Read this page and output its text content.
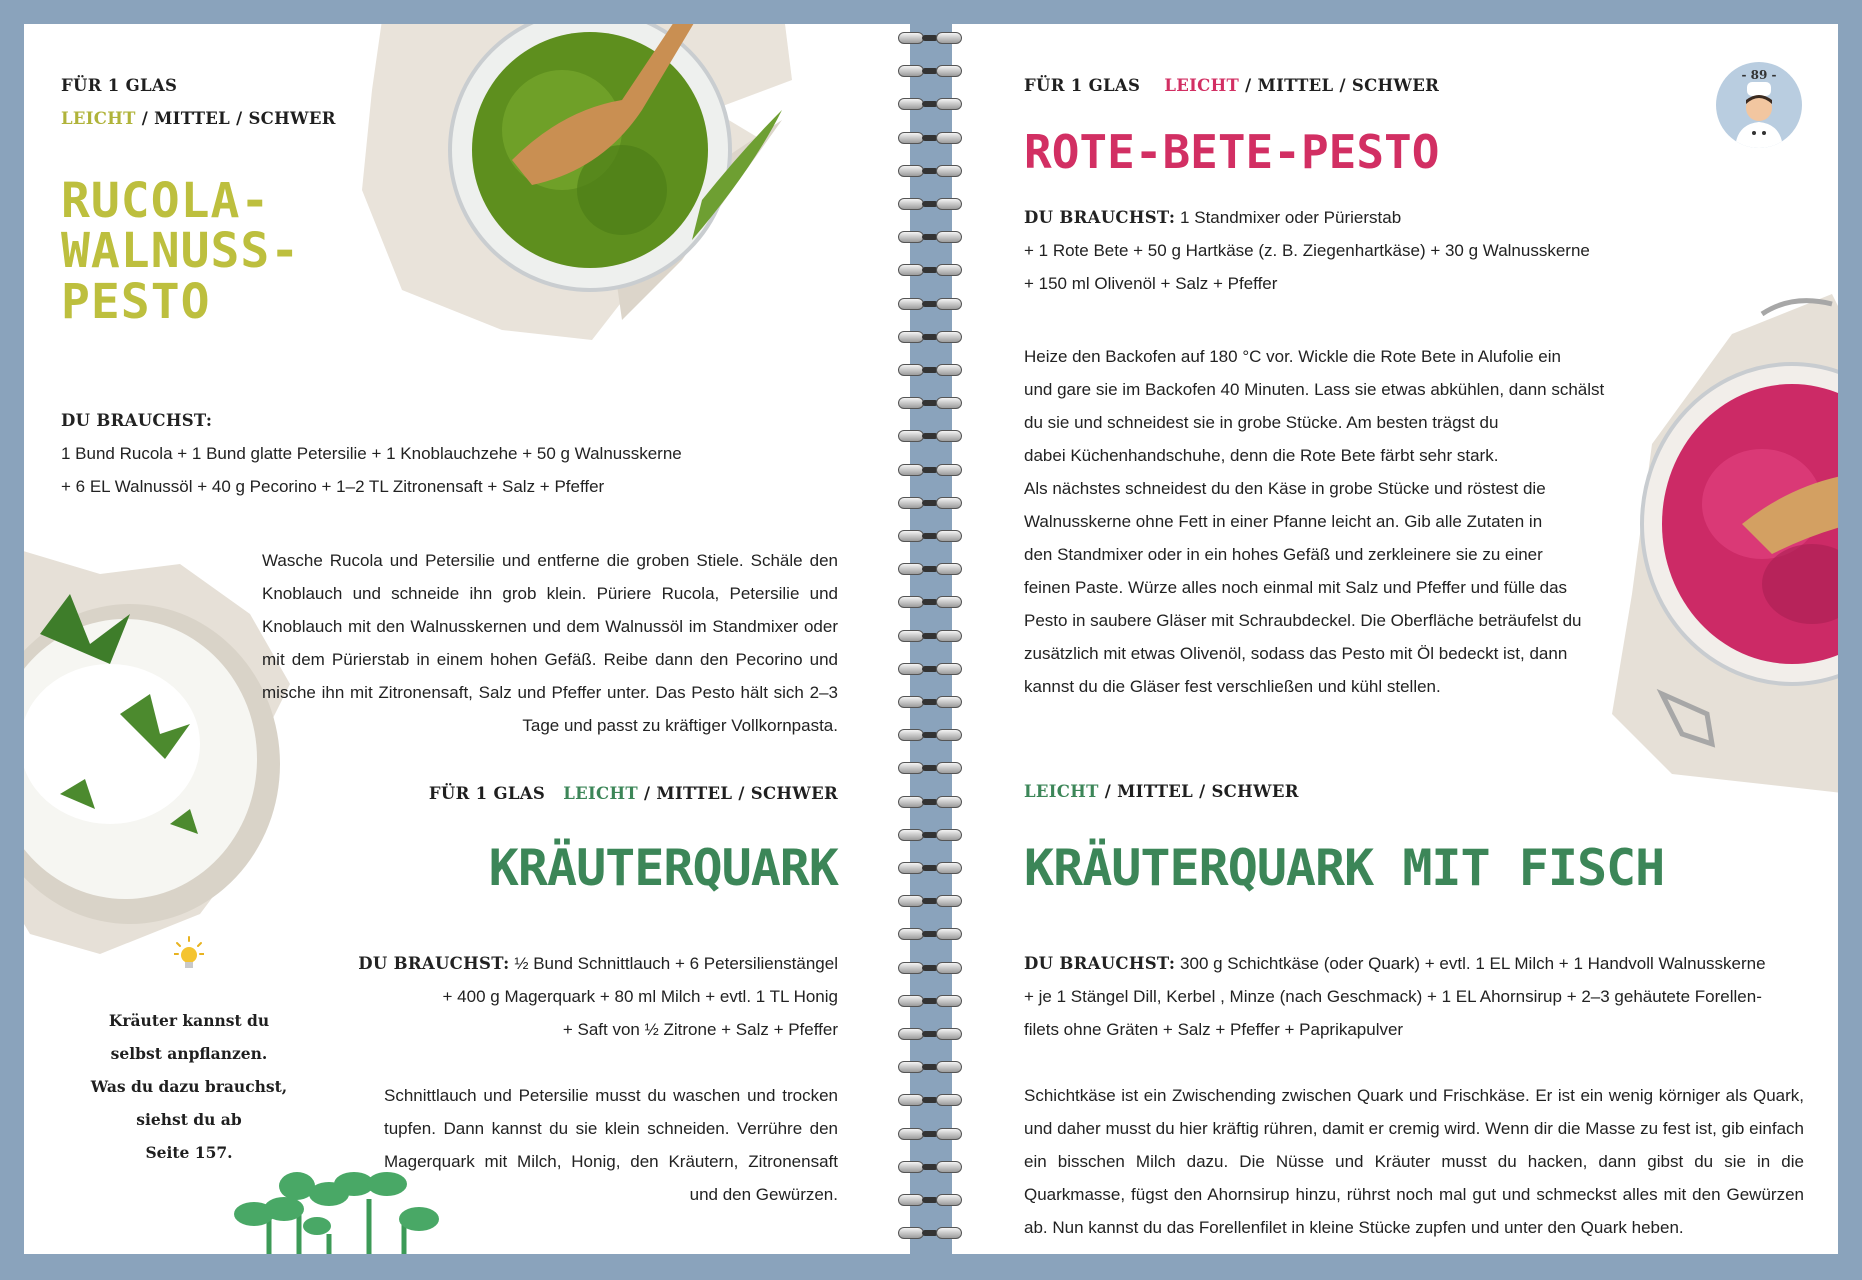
FÜR 1 GLAS
LEICHT / MITTEL / SCHWER
RUCOLA-
WALNUSS-
PESTO
DU BRAUCHST:
1 Bund Rucola + 1 Bund glatte Petersilie + 1 Knoblauchzehe + 50 g Walnusskerne
+ 6 EL Walnussöl + 40 g Pecorino + 1–2 TL Zitronensaft + Salz + Pfeffer
Wasche Rucola und Petersilie und entferne die groben Stiele. Schäle den Knoblauch und schneide ihn grob klein. Püriere Rucola, Petersilie und Knoblauch mit den Walnusskernen und dem Walnussöl im Standmixer oder mit dem Pürierstab in einem hohen Gefäß. Reibe dann den Pecorino und mische ihn mit Zitronensaft, Salz und Pfeffer unter. Das Pesto hält sich 2–3 Tage und passt zu kräftiger Vollkornpasta.
FÜR 1 GLAS LEICHT / MITTEL / SCHWER
KRÄUTERQUARK
DU BRAUCHST: ½ Bund Schnittlauch + 6 Petersilienstängel
+ 400 g Magerquark + 80 ml Milch + evtl. 1 TL Honig
+ Saft von ½ Zitrone + Salz + Pfeffer
Schnittlauch und Petersilie musst du waschen und trocken tupfen. Dann kannst du sie klein schneiden. Verrühre den Magerquark mit Milch, Honig, den Kräutern, Zitronensaft und den Gewürzen.
Kräuter kannst du
selbst anpflanzen.
Was du dazu brauchst,
siehst du ab
Seite 157.
- 89 -
FÜR 1 GLAS LEICHT / MITTEL / SCHWER
ROTE-BETE-PESTO
DU BRAUCHST: 1 Standmixer oder Pürierstab
+ 1 Rote Bete + 50 g Hartkäse (z. B. Ziegenhartkäse) + 30 g Walnusskerne
+ 150 ml Olivenöl + Salz + Pfeffer
Heize den Backofen auf 180 °C vor. Wickle die Rote Bete in Alufolie ein
und gare sie im Backofen 40 Minuten. Lass sie etwas abkühlen, dann schälst
du sie und schneidest sie in grobe Stücke. Am besten trägst du
dabei Küchenhandschuhe, denn die Rote Bete färbt sehr stark.
Als nächstes schneidest du den Käse in grobe Stücke und röstest die
Walnusskerne ohne Fett in einer Pfanne leicht an. Gib alle Zutaten in
den Standmixer oder in ein hohes Gefäß und zerkleinere sie zu einer
feinen Paste. Würze alles noch einmal mit Salz und Pfeffer und fülle das
Pesto in saubere Gläser mit Schraubdeckel. Die Oberfläche beträufelst du
zusätzlich mit etwas Olivenöl, sodass das Pesto mit Öl bedeckt ist, dann
kannst du die Gläser fest verschließen und kühl stellen.
LEICHT / MITTEL / SCHWER
KRÄUTERQUARK MIT FISCH
DU BRAUCHST: 300 g Schichtkäse (oder Quark) + evtl. 1 EL Milch + 1 Handvoll Walnusskerne
+ je 1 Stängel Dill, Kerbel , Minze (nach Geschmack) + 1 EL Ahornsirup + 2–3 gehäutete Forellen-
filets ohne Gräten + Salz + Pfeffer + Paprikapulver
Schichtkäse ist ein Zwischending zwischen Quark und Frischkäse. Er ist ein wenig körniger als Quark, und daher musst du hier kräftig rühren, damit er cremig wird. Wenn dir die Masse zu fest ist, gib einfach ein bisschen Milch dazu. Die Nüsse und Kräuter musst du hacken, dann gibst du sie in die Quarkmasse, fügst den Ahornsirup hinzu, rührst noch mal gut und schmeckst alles mit den Gewürzen ab. Nun kannst du das Forellenfilet in kleine Stücke zupfen und unter den Quark heben.
